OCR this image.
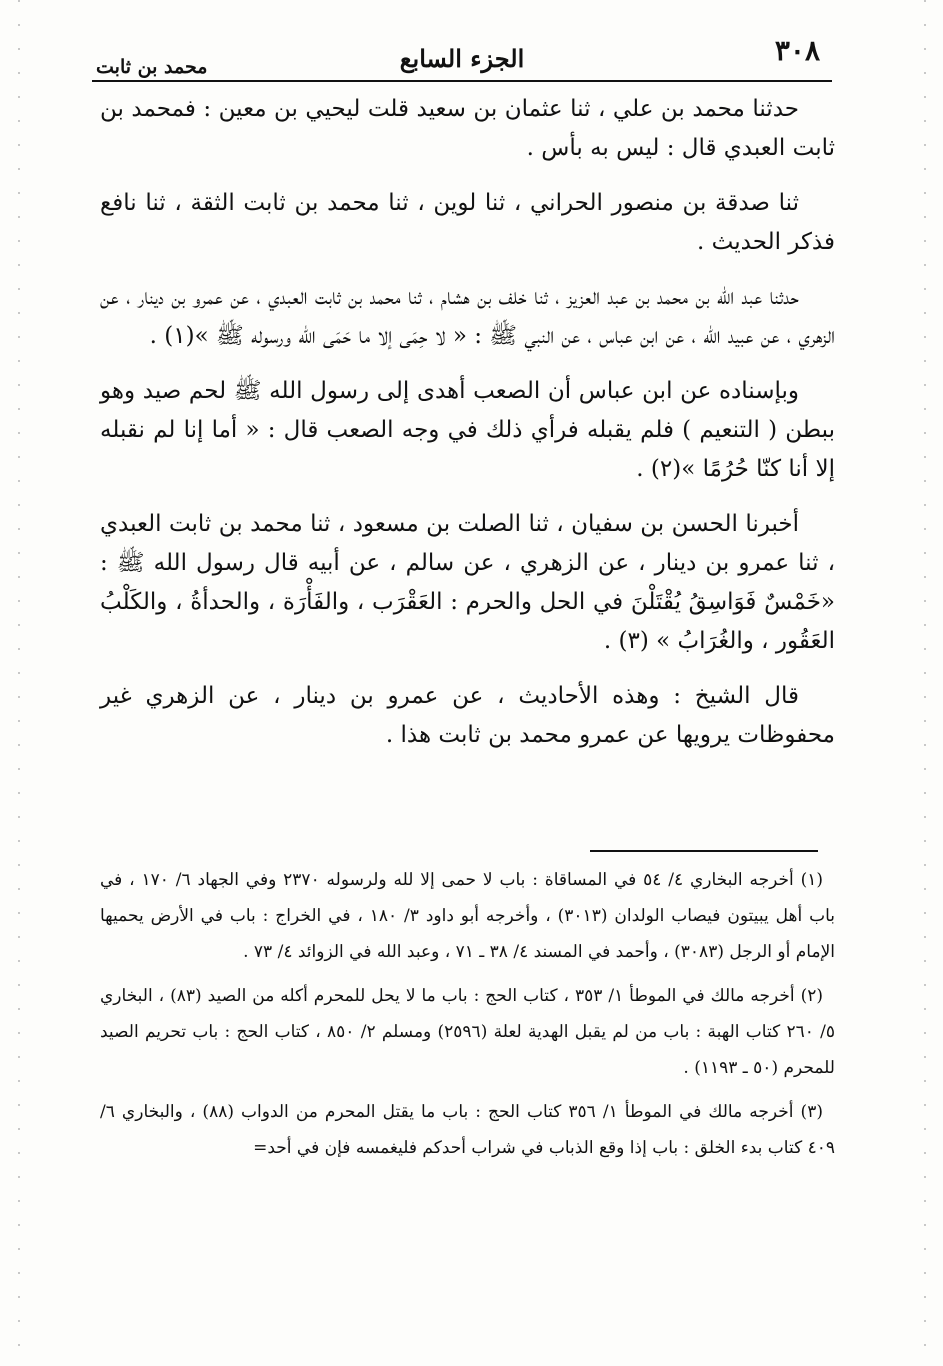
٣٠٨
الجزء السابع
محمد بن ثابت

حدثنا محمد بن علي ، ثنا عثمان بن سعيد قلت ليحيي بن معين : فمحمد بن ثابت العبدي قال : ليس به بأس .

ثنا صدقة بن منصور الحراني ، ثنا لوين ، ثنا محمد بن ثابت الثقة ، ثنا نافع فذكر الحديث .

حدثنا عبد الله بن محمد بن عبد العزيز ، ثنا خلف بن هشام ، ثنا محمد بن ثابت العبدي ، عن عمرو بن دينار ، عن الزهري ، عن عبيد الله ، عن ابن عباس ، عن النبي ﷺ : « لا حِمَى إلا ما حَمَى الله ورسوله ﷺ »(١) .

وبإسناده عن ابن عباس أن الصعب أهدى إلى رسول الله ﷺ لحم صيد وهو ببطن ( التنعيم ) فلم يقبله فرأي ذلك في وجه الصعب قال : « أما إنا لم نقبله إلا أنا كنّا حُرُمًا »(٢) .

أخبرنا الحسن بن سفيان ، ثنا الصلت بن مسعود ، ثنا محمد بن ثابت العبدي ، ثنا عمرو بن دينار ، عن الزهري ، عن سالم ، عن أبيه قال رسول الله ﷺ : «خَمْسٌ فَوَاسِقُ يُقْتَلْنَ في الحل والحرم : العَقْرَب ، والفَأْرَة ، والحدأةُ ، والكَلْبُ العَقُور ، والغُرَابُ » (٣) .

قال الشيخ : وهذه الأحاديث ، عن عمرو بن دينار ، عن الزهري غير محفوظات يرويها عن عمرو محمد بن ثابت هذا .

(١) أخرجه البخاري ٤/ ٥٤ في المساقاة : باب لا حمى إلا لله ولرسوله ٢٣٧٠ وفي الجهاد ٦/ ١٧٠ ، في باب أهل يبيتون فيصاب الولدان (٣٠١٣) ، وأخرجه أبو داود ٣/ ١٨٠ ، في الخراج : باب في الأرض يحميها الإمام أو الرجل (٣٠٨٣) ، وأحمد في المسند ٤/ ٣٨ ـ ٧١ ، وعبد الله في الزوائد ٤/ ٧٣ .

(٢) أخرجه مالك في الموطأ ١/ ٣٥٣ ، كتاب الحج : باب ما لا يحل للمحرم أكله من الصيد (٨٣) ، البخاري ٥/ ٢٦٠ كتاب الهبة : باب من لم يقبل الهدية لعلة (٢٥٩٦) ومسلم ٢/ ٨٥٠ ، كتاب الحج : باب تحريم الصيد للمحرم (٥٠ ـ ١١٩٣) .

(٣) أخرجه مالك في الموطأ ١/ ٣٥٦ كتاب الحج : باب ما يقتل المحرم من الدواب (٨٨) ، والبخاري ٦/ ٤٠٩ كتاب بدء الخلق : باب إذا وقع الذباب في شراب أحدكم فليغمسه فإن في أحد=
